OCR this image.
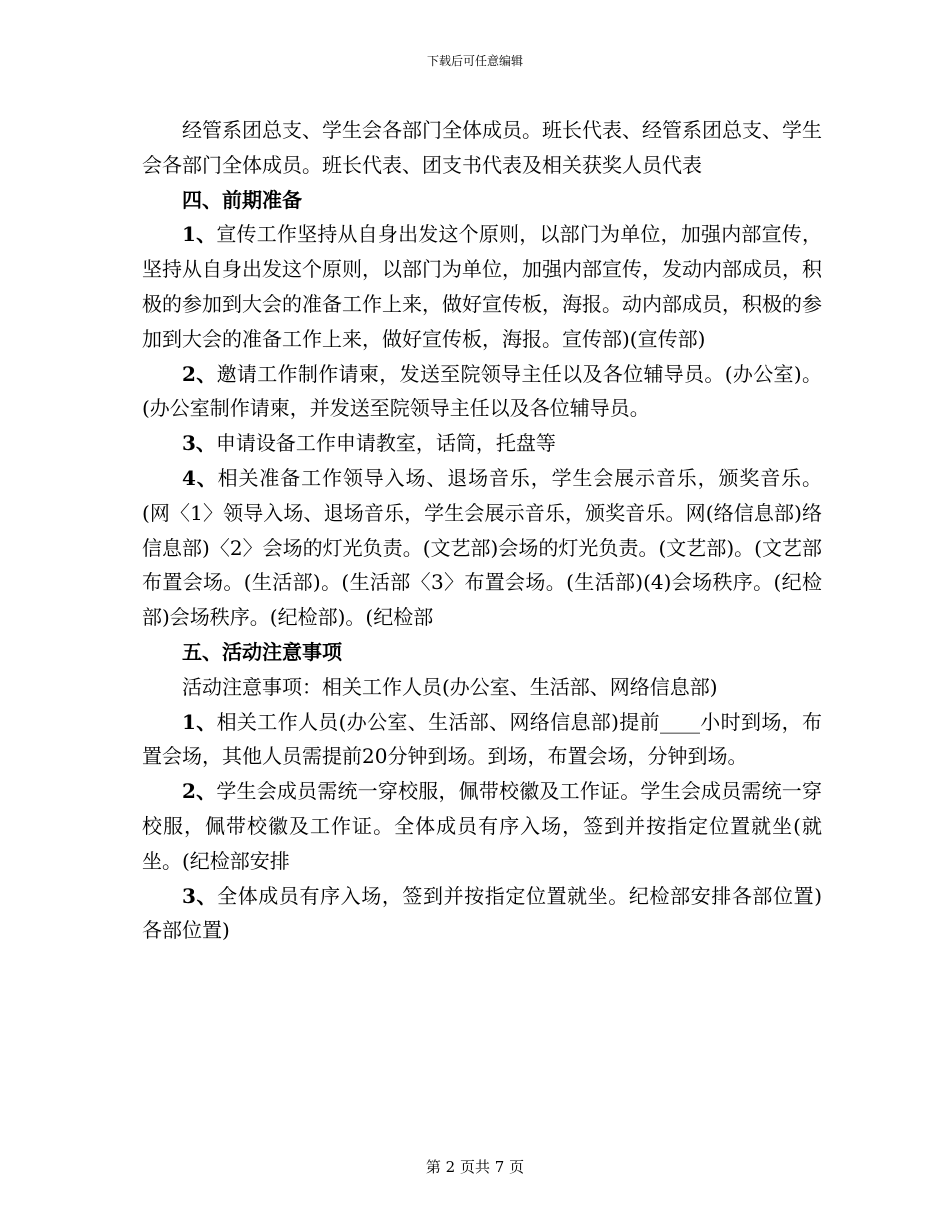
下载后可任意编辑

经管系团总支、学生会各部门全体成员。班长代表、经管系团总支、学生会各部门全体成员。班长代表、团支书代表及相关获奖人员代表

四、前期准备

1、宣传工作坚持从自身出发这个原则，以部门为单位，加强内部宣传，坚持从自身出发这个原则，以部门为单位，加强内部宣传，发动内部成员，积极的参加到大会的准备工作上来，做好宣传板，海报。动内部成员，积极的参加到大会的准备工作上来，做好宣传板，海报。宣传部)(宣传部)

2、邀请工作制作请柬，发送至院领导主任以及各位辅导员。(办公室)。(办公室制作请柬，并发送至院领导主任以及各位辅导员。

3、申请设备工作申请教室，话筒，托盘等

4、相关准备工作领导入场、退场音乐，学生会展示音乐，颁奖音乐。(网〈1〉领导入场、退场音乐，学生会展示音乐，颁奖音乐。网(络信息部)络信息部)〈2〉会场的灯光负责。(文艺部)会场的灯光负责。(文艺部)。(文艺部布置会场。(生活部)。(生活部〈3〉布置会场。(生活部)(4)会场秩序。(纪检部)会场秩序。(纪检部)。(纪检部

五、活动注意事项

活动注意事项：相关工作人员(办公室、生活部、网络信息部)

1、相关工作人员(办公室、生活部、网络信息部)提前____小时到场，布置会场，其他人员需提前20分钟到场。到场，布置会场，分钟到场。

2、学生会成员需统一穿校服，佩带校徽及工作证。学生会成员需统一穿校服，佩带校徽及工作证。全体成员有序入场，签到并按指定位置就坐(就坐。(纪检部安排

3、全体成员有序入场，签到并按指定位置就坐。纪检部安排各部位置)各部位置)

第 2 页共 7 页
